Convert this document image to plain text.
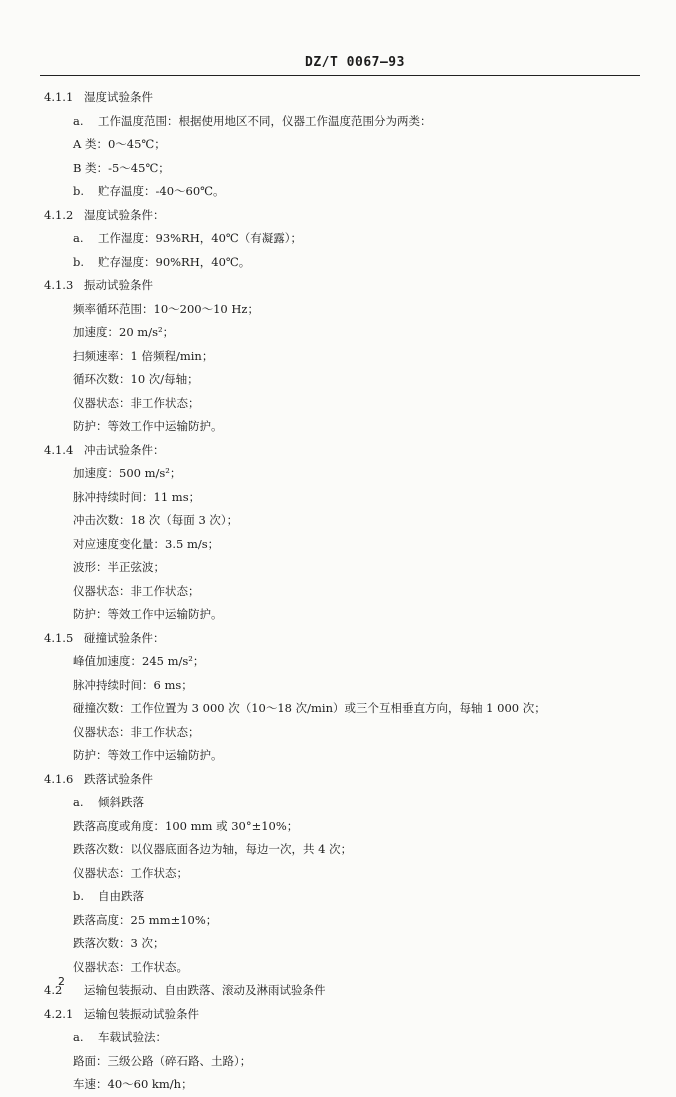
DZ/T 0067—93
4.1.1 湿度试验条件
a. 工作温度范围：根据使用地区不同，仪器工作温度范围分为两类：
A 类：0～45℃；
B 类：-5～45℃；
b. 贮存温度：-40～60℃。
4.1.2 湿度试验条件：
a. 工作湿度：93%RH，40℃（有凝露）；
b. 贮存湿度：90%RH，40℃。
4.1.3 振动试验条件
频率循环范围：10～200～10 Hz；
加速度：20 m/s²；
扫频速率：1 倍频程/min；
循环次数：10 次/每轴；
仪器状态：非工作状态；
防护：等效工作中运输防护。
4.1.4 冲击试验条件：
加速度：500 m/s²；
脉冲持续时间：11 ms；
冲击次数：18 次（每面 3 次）；
对应速度变化量：3.5 m/s；
波形：半正弦波；
仪器状态：非工作状态；
防护：等效工作中运输防护。
4.1.5 碰撞试验条件：
峰值加速度：245 m/s²；
脉冲持续时间：6 ms；
碰撞次数：工作位置为 3 000 次（10～18 次/min）或三个互相垂直方向，每轴 1 000 次；
仪器状态：非工作状态；
防护：等效工作中运输防护。
4.1.6 跌落试验条件
a. 倾斜跌落
跌落高度或角度：100 mm 或 30°±10%；
跌落次数：以仪器底面各边为轴，每边一次，共 4 次；
仪器状态：工作状态；
b. 自由跌落
跌落高度：25 mm±10%；
跌落次数：3 次；
仪器状态：工作状态。
4.2 运输包装振动、自由跌落、滚动及淋雨试验条件
4.2.1 运输包装振动试验条件
a. 车载试验法：
路面：三级公路（碎石路、土路）；
车速：40～60 km/h；
2
